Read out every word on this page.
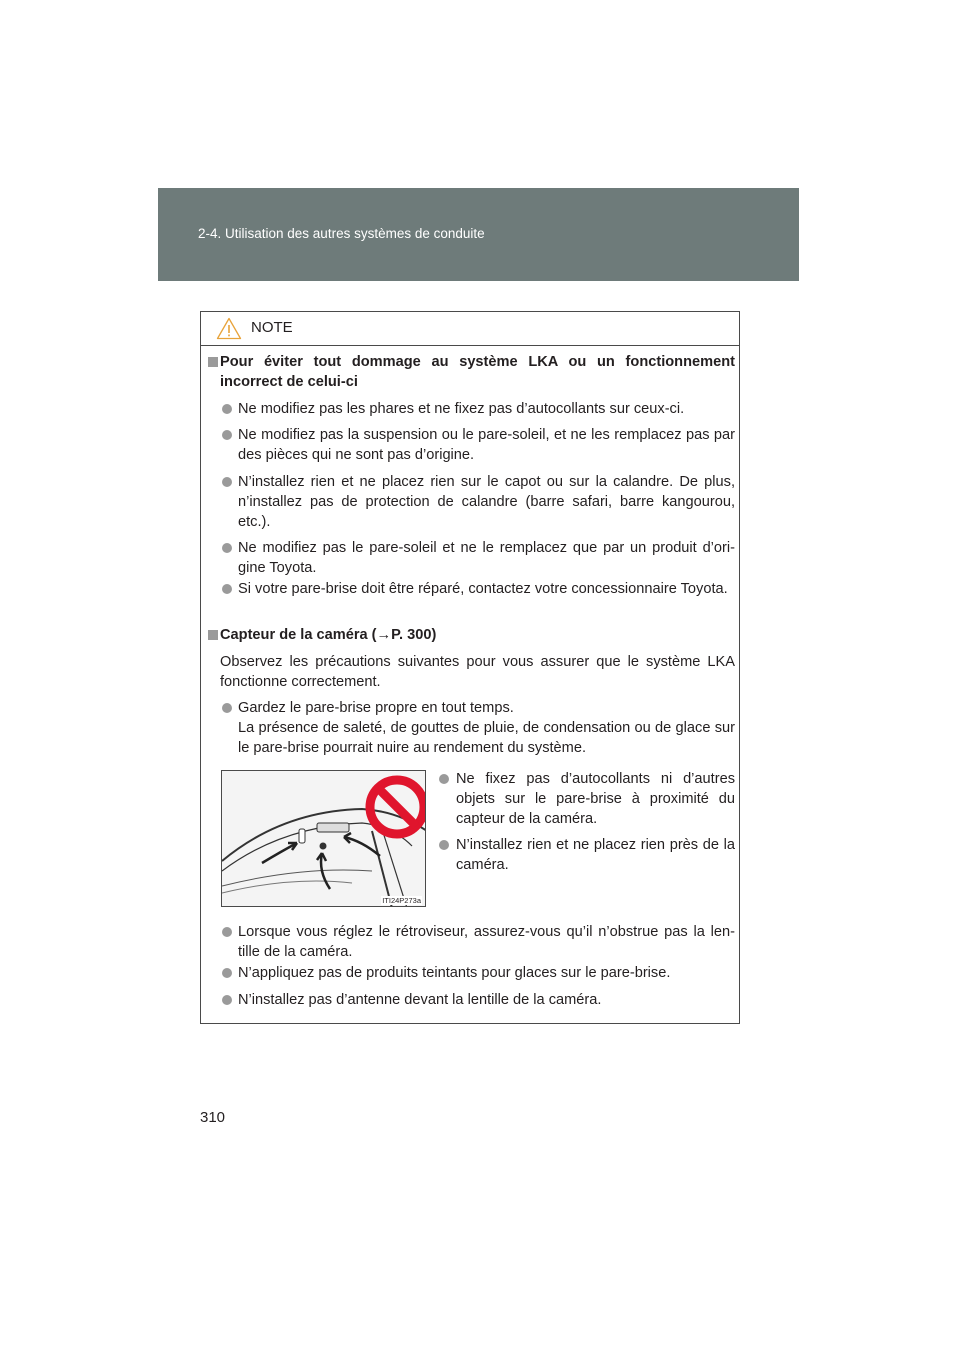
2-4. Utilisation des autres systèmes de conduite
NOTE
Pour éviter tout dommage au système LKA ou un fonctionnement incorrect de celui-ci
Ne modifiez pas les phares et ne fixez pas d’autocollants sur ceux-ci.
Ne modifiez pas la suspension ou le pare-soleil, et ne les remplacez pas par des pièces qui ne sont pas d’origine.
N’installez rien et ne placez rien sur le capot ou sur la calandre. De plus, n’installez pas de protection de calandre (barre safari, barre kangourou, etc.).
Ne modifiez pas le pare-soleil et ne le remplacez que par un produit d’ori-gine Toyota.
Si votre pare-brise doit être réparé, contactez votre concessionnaire Toyota.
Capteur de la caméra (→P. 300)
Observez les précautions suivantes pour vous assurer que le système LKA fonctionne correctement.
Gardez le pare-brise propre en tout temps.
La présence de saleté, de gouttes de pluie, de condensation ou de glace sur le pare-brise pourrait nuire au rendement du système.
ITI24P273a
Ne fixez pas d’autocollants ni d’autres objets sur le pare-brise à proximité du capteur de la caméra.
N’installez rien et ne placez rien près de la caméra.
Lorsque vous réglez le rétroviseur, assurez-vous qu’il n’obstrue pas la len-tille de la caméra.
N’appliquez pas de produits teintants pour glaces sur le pare-brise.
N’installez pas d’antenne devant la lentille de la caméra.
310
